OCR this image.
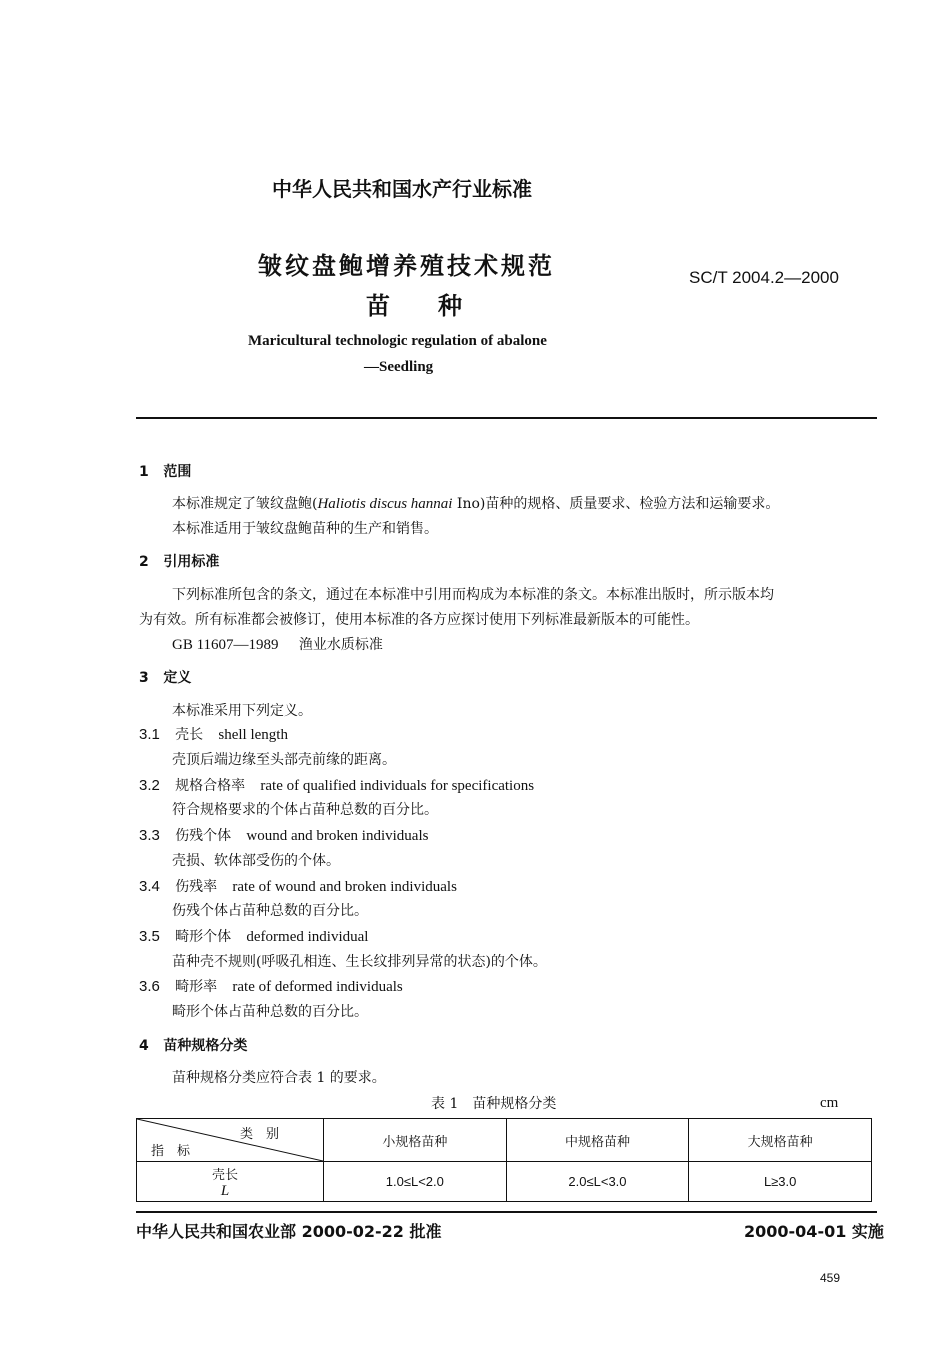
中华人民共和国水产行业标准
皱纹盘鲍增养殖技术规范
苗　　种
SC/T 2004.2—2000
Maricultural technologic regulation of abalone
—Seedling
1 范围
本标准规定了皱纹盘鲍(Haliotis discus hannai Ino)苗种的规格、质量要求、检验方法和运输要求。
本标准适用于皱纹盘鲍苗种的生产和销售。
2 引用标准
下列标准所包含的条文，通过在本标准中引用而构成为本标准的条文。本标准出版时，所示版本均
为有效。所有标准都会被修订，使用本标准的各方应探讨使用下列标准最新版本的可能性。
GB 11607—1989 渔业水质标准
3 定义
本标准采用下列定义。
3.1 壳长 shell length
壳顶后端边缘至头部壳前缘的距离。
3.2 规格合格率 rate of qualified individuals for specifications
符合规格要求的个体占苗种总数的百分比。
3.3 伤残个体 wound and broken individuals
壳损、软体部受伤的个体。
3.4 伤残率 rate of wound and broken individuals
伤残个体占苗种总数的百分比。
3.5 畸形个体 deformed individual
苗种壳不规则(呼吸孔相连、生长纹排列异常的状态)的个体。
3.6 畸形率 rate of deformed individuals
畸形个体占苗种总数的百分比。
4 苗种规格分类
苗种规格分类应符合表 1 的要求。
表 1　苗种规格分类	cm
类　别
指　标	小规格苗种	中规格苗种	大规格苗种

壳长
L	1.0≤L<2.0	2.0≤L<3.0	L≥3.0
中华人民共和国农业部 2000-02-22 批准	2000-04-01 实施
459
